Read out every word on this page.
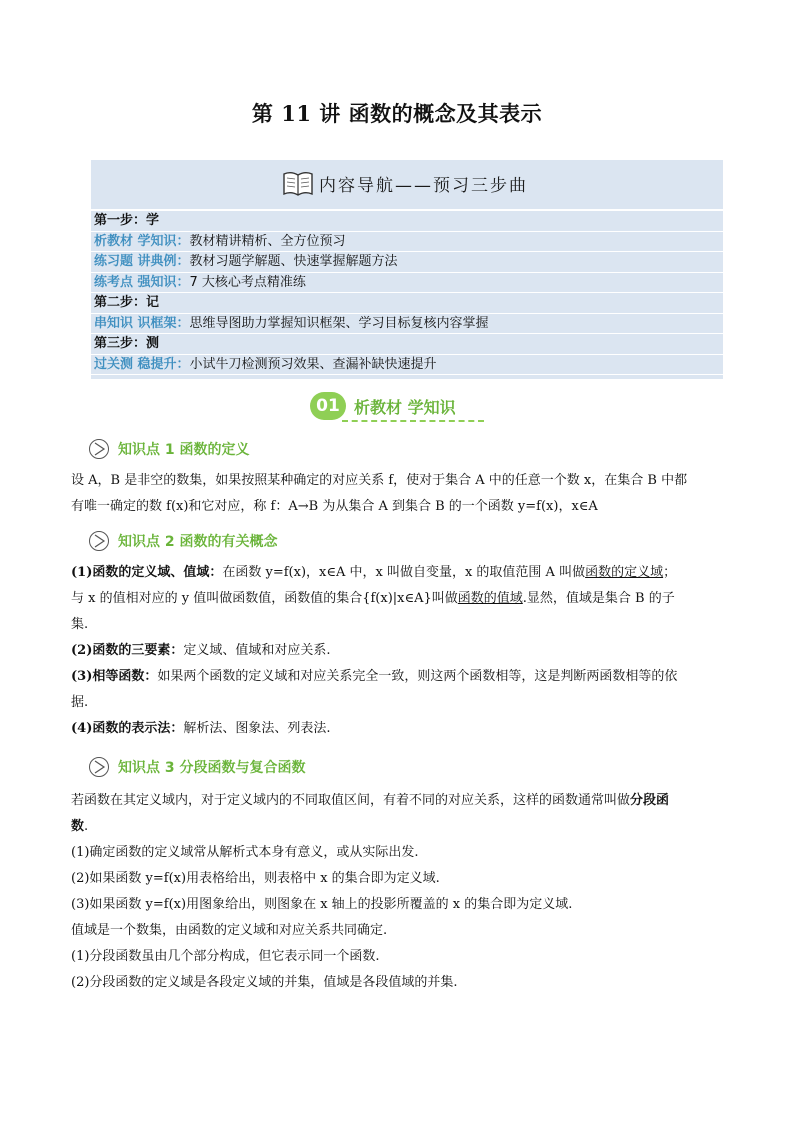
第 11 讲 函数的概念及其表示
内容导航——预习三步曲
第一步：学
析教材 学知识：教材精讲精析、全方位预习
练习题 讲典例：教材习题学解题、快速掌握解题方法
练考点 强知识：7 大核心考点精准练
第二步：记
串知识 识框架：思维导图助力掌握知识框架、学习目标复核内容掌握
第三步：测
过关测 稳提升：小试牛刀检测预习效果、查漏补缺快速提升
01 析教材 学知识
知识点 1 函数的定义
设 A，B 是非空的数集，如果按照某种确定的对应关系 f，使对于集合 A 中的任意一个数 x，在集合 B 中都
有唯一确定的数 f(x)和它对应，称 f：A→B 为从集合 A 到集合 B 的一个函数 y=f(x)，x∈A
知识点 2 函数的有关概念
(1)函数的定义域、值域：在函数 y=f(x)，x∈A 中，x 叫做自变量，x 的取值范围 A 叫做函数的定义域；
与 x 的值相对应的 y 值叫做函数值，函数值的集合{f(x)|x∈A}叫做函数的值域.显然，值域是集合 B 的子
集.
(2)函数的三要素：定义域、值域和对应关系.
(3)相等函数：如果两个函数的定义域和对应关系完全一致，则这两个函数相等，这是判断两函数相等的依
据.
(4)函数的表示法：解析法、图象法、列表法.
知识点 3 分段函数与复合函数
若函数在其定义域内，对于定义域内的不同取值区间，有着不同的对应关系，这样的函数通常叫做分段函
数.
(1)确定函数的定义域常从解析式本身有意义，或从实际出发.
(2)如果函数 y=f(x)用表格给出，则表格中 x 的集合即为定义域.
(3)如果函数 y=f(x)用图象给出，则图象在 x 轴上的投影所覆盖的 x 的集合即为定义域.
值域是一个数集，由函数的定义域和对应关系共同确定.
(1)分段函数虽由几个部分构成，但它表示同一个函数.
(2)分段函数的定义域是各段定义域的并集，值域是各段值域的并集.
